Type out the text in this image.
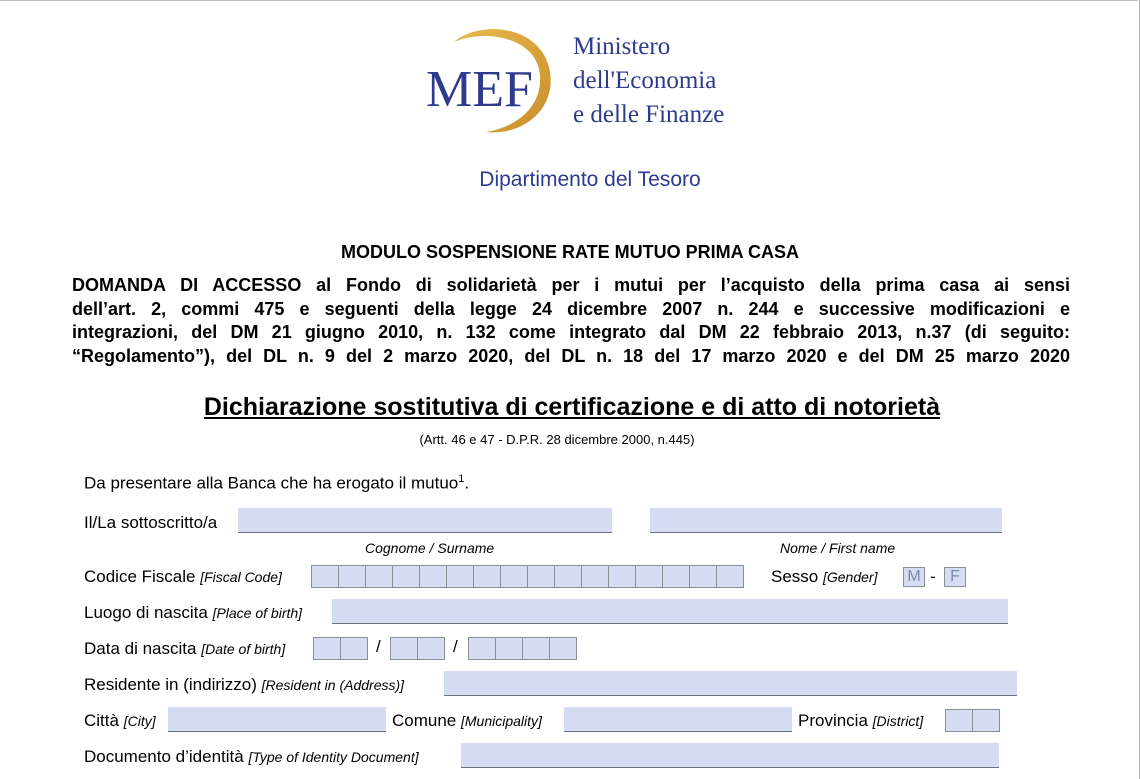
MEF
Ministero
dell'Economia
e delle Finanze
Dipartimento del Tesoro
MODULO SOSPENSIONE RATE MUTUO PRIMA CASA
DOMANDA DI ACCESSO al Fondo di solidarietà per i mutui per l’acquisto della prima casa ai sensi
dell’art. 2, commi 475 e seguenti della legge 24 dicembre 2007 n. 244 e successive modificazioni e
integrazioni, del DM 21 giugno 2010, n. 132 come integrato dal DM 22 febbraio 2013, n.37 (di seguito:
“Regolamento”), del DL n. 9 del 2 marzo 2020, del DL n. 18 del 17 marzo 2020 e del DM 25 marzo 2020
Dichiarazione sostitutiva di certificazione e di atto di notorietà
(Artt. 46 e 47 - D.P.R. 28 dicembre 2000, n.445)
Da presentare alla Banca che ha erogato il mutuo$^1$.
Il/La sottoscritto/a
Cognome / Surname	Nome / First name
Codice Fiscale [Fiscal Code]	Sesso [Gender] M - F
Luogo di nascita [Place of birth]
Data di nascita [Date of birth]	/	/
Residente in (indirizzo) [Resident in (Address)]
Città [City]	Comune [Municipality]	Provincia [District]
Documento d’identità [Type of Identity Document]
